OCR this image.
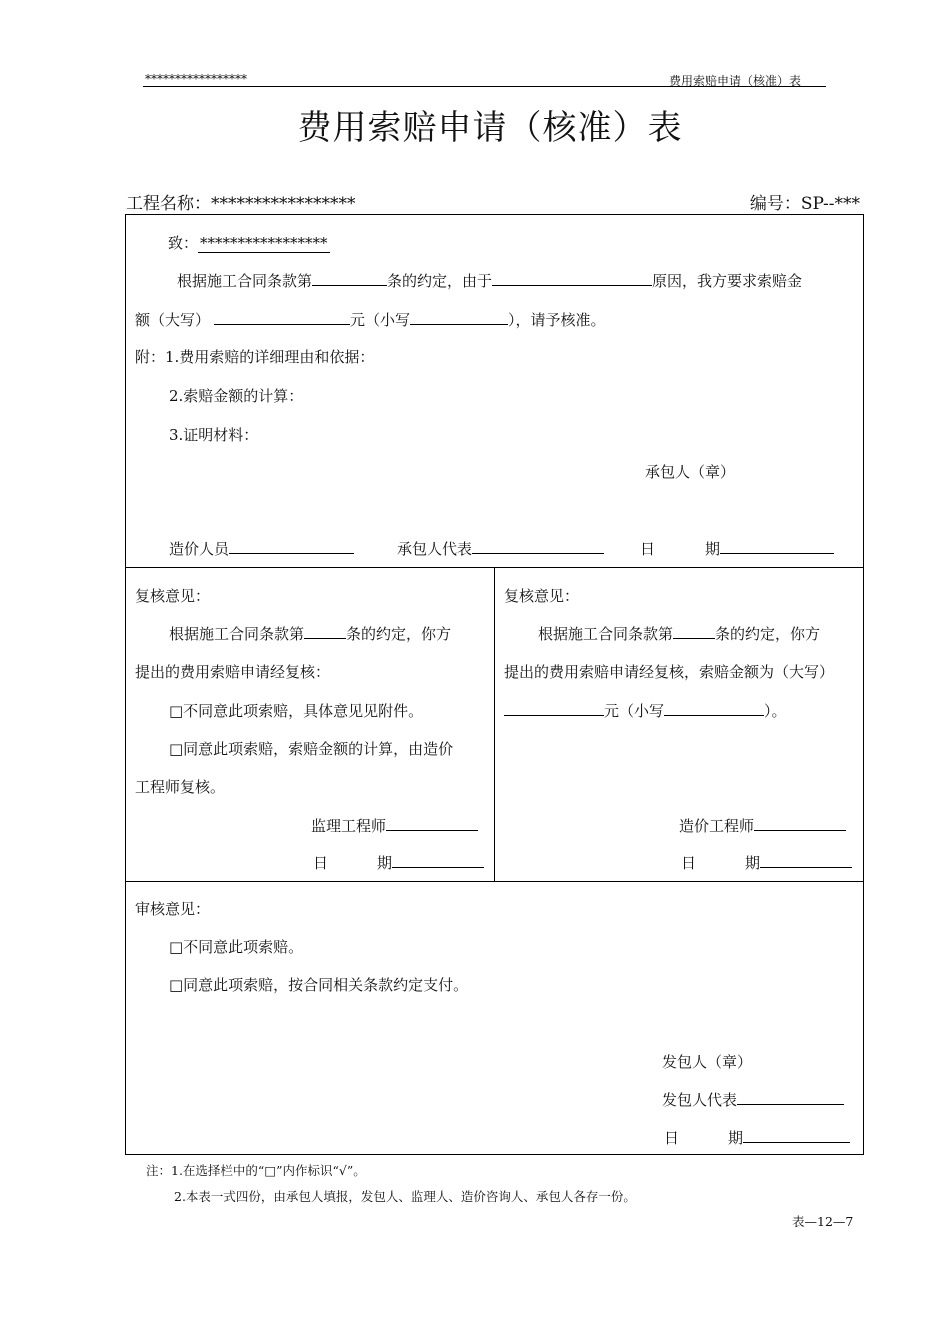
*****************	费用索赔申请（核准）表
费用索赔申请（核准）表
工程名称：*****************	编号：SP--***
致： *****************
根据施工合同条款第	条的约定，由于	原因，我方要求索赔金
额（大写）	元（小写	），请予核准。
附：1.费用索赔的详细理由和依据：
2.索赔金额的计算：
3.证明材料：
承包人（章）
造价人员	承包人代表	日	期
复核意见：
根据施工合同条款第	条的约定，你方
提出的费用索赔申请经复核：
□不同意此项索赔，具体意见见附件。
□同意此项索赔，索赔金额的计算，由造价
工程师复核。
监理工程师
日	期
复核意见：
根据施工合同条款第	条的约定，你方
提出的费用索赔申请经复核，索赔金额为（大写）
元（小写	）。
造价工程师
日	期
审核意见：
□不同意此项索赔。
□同意此项索赔，按合同相关条款约定支付。
发包人（章）
发包人代表
日	期
注：1.在选择栏中的“□”内作标识“√”。
2.本表一式四份，由承包人填报，发包人、监理人、造价咨询人、承包人各存一份。
表—12—7
